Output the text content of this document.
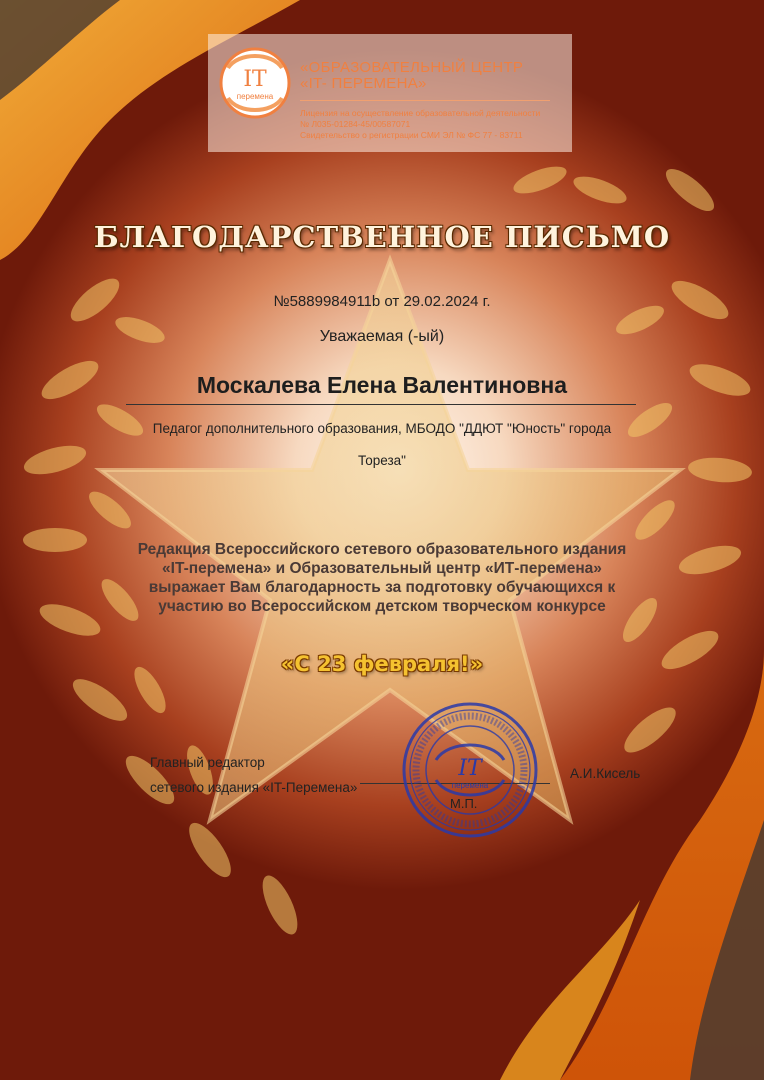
IT
перемена
«ОБРАЗОВАТЕЛЬНЫЙ ЦЕНТР
«IT- ПЕРЕМЕНА»
Лицензия на осуществление образовательной деятельности
№ Л035-01284-45/00587071
Свидетельство о регистрации СМИ ЭЛ № ФС 77 - 83711
БЛАГОДАРСТВЕННОЕ ПИСЬМО
№5889984911b от 29.02.2024 г.
Уважаемая (-ый)
Москалева Елена Валентиновна
Педагог дополнительного образования, МБОДО "ДДЮТ "Юность" города
Тореза"
Редакция Всероссийского сетевого образовательного издания
«IT-перемена» и Образовательный центр «ИТ-перемена»
выражает Вам благодарность за подготовку обучающихся к
участию во Всероссийском детском творческом конкурсе
«С 23 февраля!»
Главный редактор
сетевого издания «IT-Перемена»
IT
перемена
М.П.
А.И.Кисель
